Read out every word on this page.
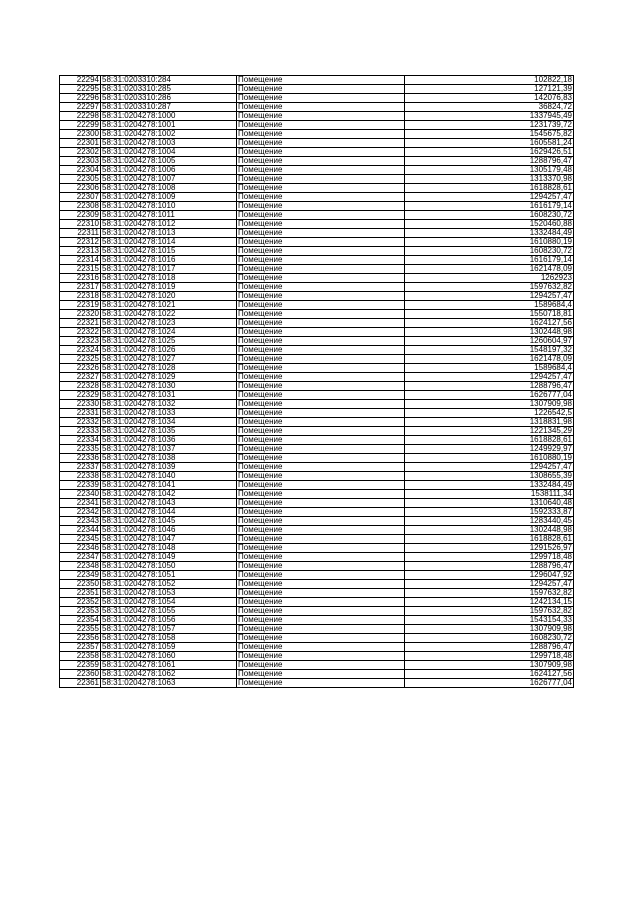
22294	58:31:0203310:284	Помещение	102822,18
22295	58:31:0203310:285	Помещение	127121,39
22296	58:31:0203310:286	Помещение	142076,83
22297	58:31:0203310:287	Помещение	36824,72
22298	58:31:0204278:1000	Помещение	1337945,49
22299	58:31:0204278:1001	Помещение	1231739,72
22300	58:31:0204278:1002	Помещение	1545675,82
22301	58:31:0204278:1003	Помещение	1605581,24
22302	58:31:0204278:1004	Помещение	1629426,51
22303	58:31:0204278:1005	Помещение	1288796,47
22304	58:31:0204278:1006	Помещение	1305179,48
22305	58:31:0204278:1007	Помещение	1313370,98
22306	58:31:0204278:1008	Помещение	1618828,61
22307	58:31:0204278:1009	Помещение	1294257,47
22308	58:31:0204278:1010	Помещение	1616179,14
22309	58:31:0204278:1011	Помещение	1608230,72
22310	58:31:0204278:1012	Помещение	1520460,88
22311	58:31:0204278:1013	Помещение	1332484,49
22312	58:31:0204278:1014	Помещение	1610880,19
22313	58:31:0204278:1015	Помещение	1608230,72
22314	58:31:0204278:1016	Помещение	1616179,14
22315	58:31:0204278:1017	Помещение	1621478,09
22316	58:31:0204278:1018	Помещение	1262923
22317	58:31:0204278:1019	Помещение	1597632,82
22318	58:31:0204278:1020	Помещение	1294257,47
22319	58:31:0204278:1021	Помещение	1589684,4
22320	58:31:0204278:1022	Помещение	1550718,81
22321	58:31:0204278:1023	Помещение	1624127,56
22322	58:31:0204278:1024	Помещение	1302448,98
22323	58:31:0204278:1025	Помещение	1260604,97
22324	58:31:0204278:1026	Помещение	1548197,32
22325	58:31:0204278:1027	Помещение	1621478,09
22326	58:31:0204278:1028	Помещение	1589684,4
22327	58:31:0204278:1029	Помещение	1294257,47
22328	58:31:0204278:1030	Помещение	1288796,47
22329	58:31:0204278:1031	Помещение	1626777,04
22330	58:31:0204278:1032	Помещение	1307909,98
22331	58:31:0204278:1033	Помещение	1226542,5
22332	58:31:0204278:1034	Помещение	1318831,98
22333	58:31:0204278:1035	Помещение	1221345,29
22334	58:31:0204278:1036	Помещение	1618828,61
22335	58:31:0204278:1037	Помещение	1249929,97
22336	58:31:0204278:1038	Помещение	1610880,19
22337	58:31:0204278:1039	Помещение	1294257,47
22338	58:31:0204278:1040	Помещение	1308655,39
22339	58:31:0204278:1041	Помещение	1332484,49
22340	58:31:0204278:1042	Помещение	1538111,34
22341	58:31:0204278:1043	Помещение	1310640,48
22342	58:31:0204278:1044	Помещение	1592333,87
22343	58:31:0204278:1045	Помещение	1283440,45
22344	58:31:0204278:1046	Помещение	1302448,98
22345	58:31:0204278:1047	Помещение	1618828,61
22346	58:31:0204278:1048	Помещение	1291526,97
22347	58:31:0204278:1049	Помещение	1299718,48
22348	58:31:0204278:1050	Помещение	1288796,47
22349	58:31:0204278:1051	Помещение	1296047,92
22350	58:31:0204278:1052	Помещение	1294257,47
22351	58:31:0204278:1053	Помещение	1597632,82
22352	58:31:0204278:1054	Помещение	1242134,15
22353	58:31:0204278:1055	Помещение	1597632,82
22354	58:31:0204278:1056	Помещение	1543154,33
22355	58:31:0204278:1057	Помещение	1307909,98
22356	58:31:0204278:1058	Помещение	1608230,72
22357	58:31:0204278:1059	Помещение	1288796,47
22358	58:31:0204278:1060	Помещение	1299718,48
22359	58:31:0204278:1061	Помещение	1307909,98
22360	58:31:0204278:1062	Помещение	1624127,56
22361	58:31:0204278:1063	Помещение	1626777,04
